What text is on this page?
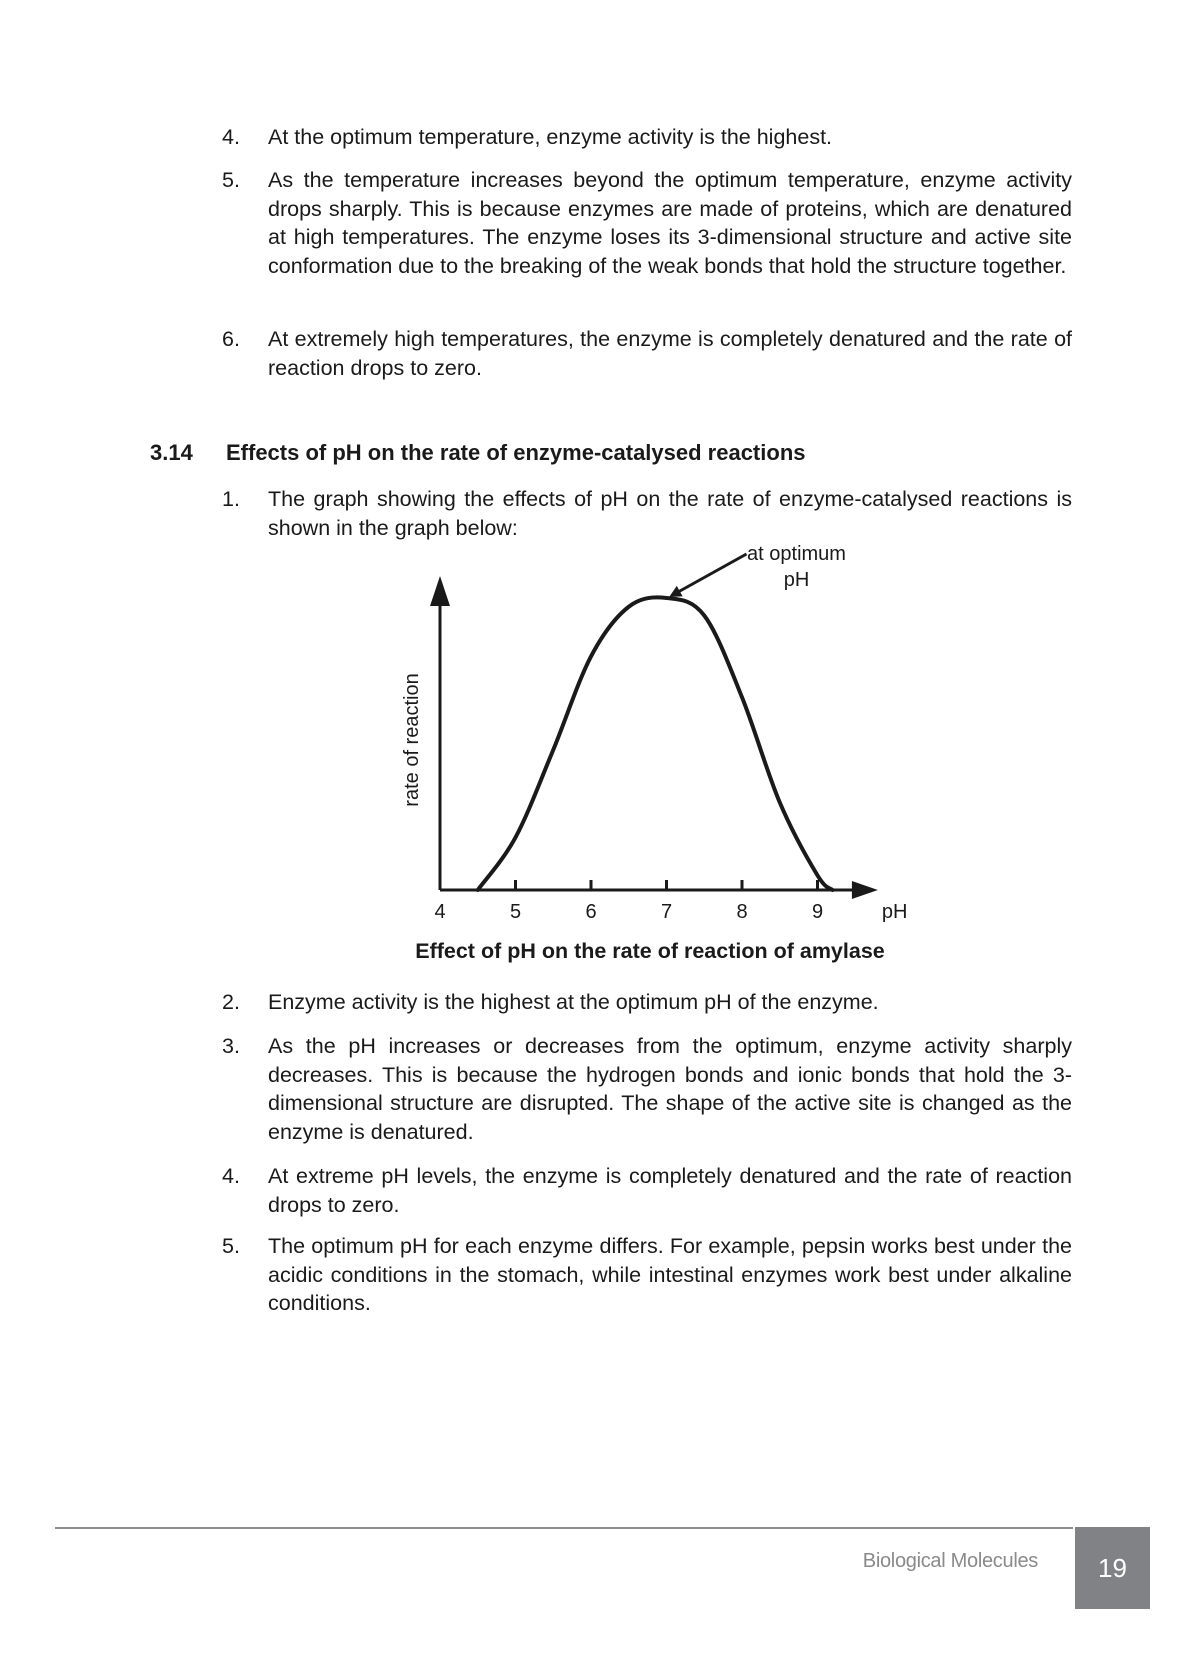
4.	At the optimum temperature, enzyme activity is the highest.
5.	As the temperature increases beyond the optimum temperature, enzyme activity drops sharply. This is because enzymes are made of proteins, which are denatured at high temperatures. The enzyme loses its 3-dimensional structure and active site conformation due to the breaking of the weak bonds that hold the structure together.
6.	At extremely high temperatures, the enzyme is completely denatured and the rate of reaction drops to zero.
3.14 Effects of pH on the rate of enzyme-catalysed reactions
1.	The graph showing the effects of pH on the rate of enzyme-catalysed reactions is shown in the graph below:
4	5	6	7	8	9	pH
rate of reaction
at optimum
pH
Effect of pH on the rate of reaction of amylase
2.	Enzyme activity is the highest at the optimum pH of the enzyme.
3.	As the pH increases or decreases from the optimum, enzyme activity sharply decreases. This is because the hydrogen bonds and ionic bonds that hold the 3-dimensional structure are disrupted. The shape of the active site is changed as the enzyme is denatured.
4.	At extreme pH levels, the enzyme is completely denatured and the rate of reaction drops to zero.
5.	The optimum pH for each enzyme differs. For example, pepsin works best under the acidic conditions in the stomach, while intestinal enzymes work best under alkaline conditions.
Biological Molecules	19
